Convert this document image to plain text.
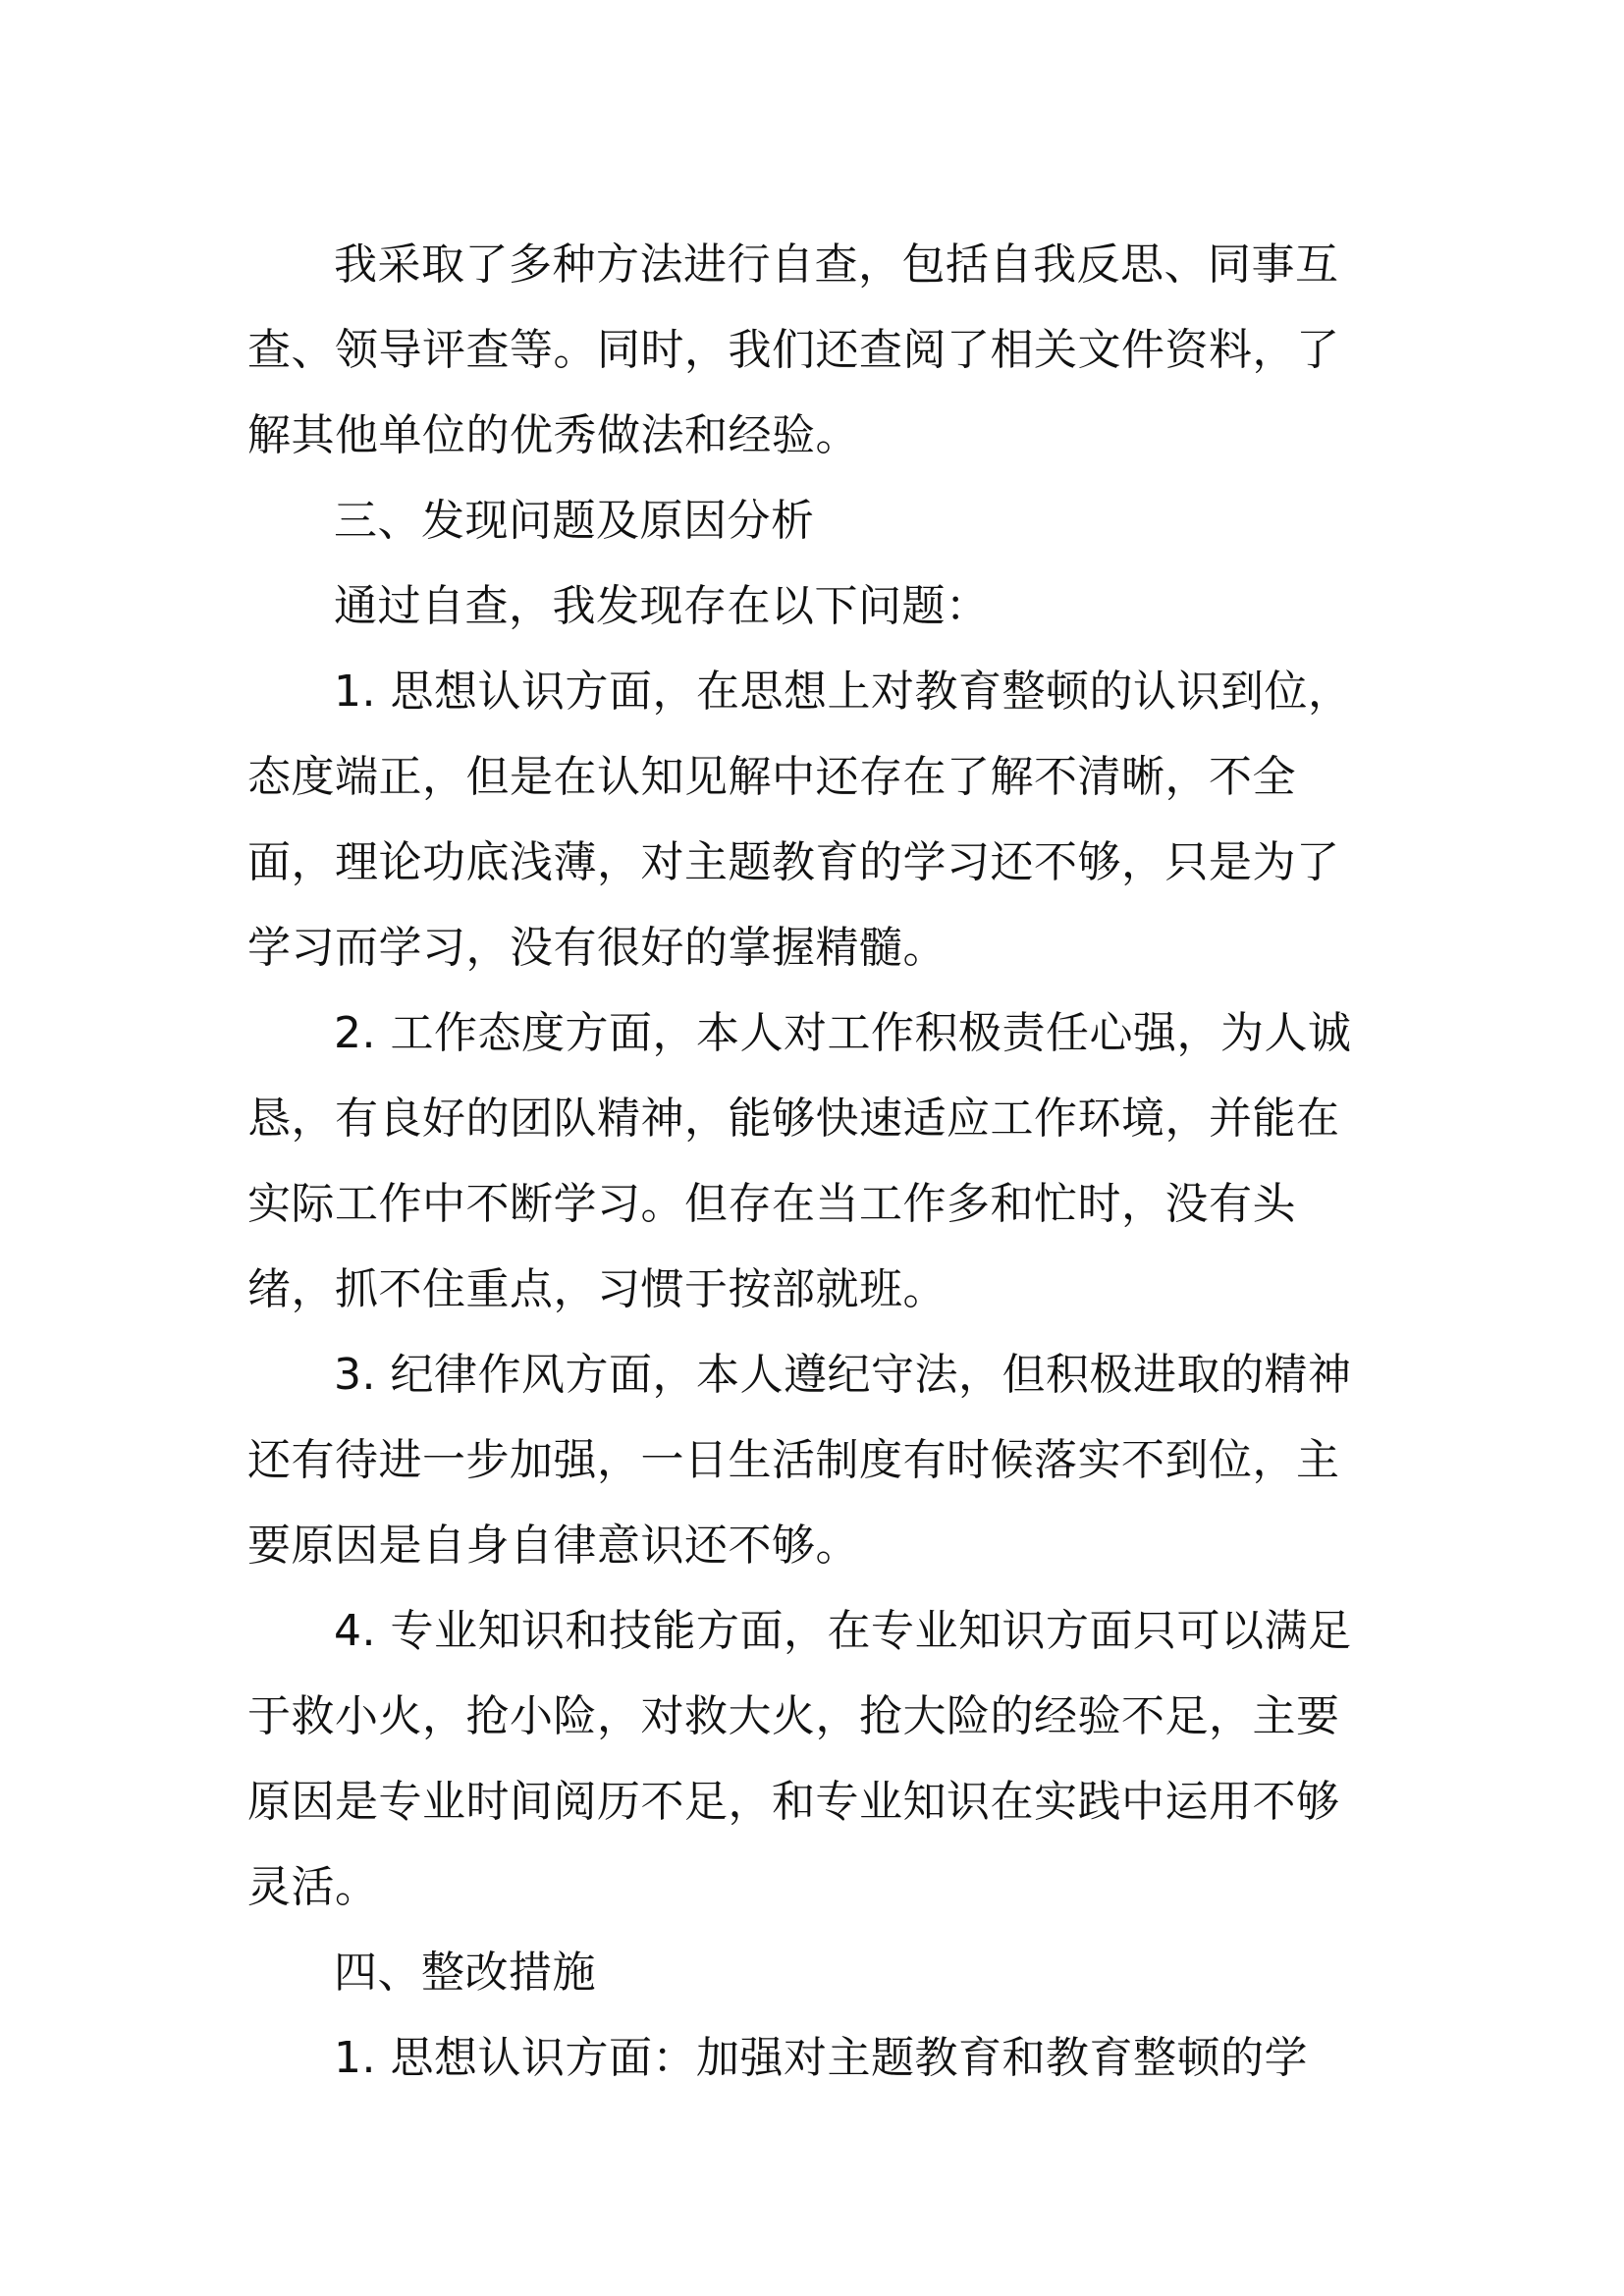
我采取了多种方法进行自查，包括自我反思、同事互
查、领导评查等。同时，我们还查阅了相关文件资料，了
解其他单位的优秀做法和经验。
三、发现问题及原因分析
通过自查，我发现存在以下问题：
1. 思想认识方面，在思想上对教育整顿的认识到位，
态度端正，但是在认知见解中还存在了解不清晰，不全
面，理论功底浅薄，对主题教育的学习还不够，只是为了
学习而学习，没有很好的掌握精髓。
2. 工作态度方面，本人对工作积极责任心强，为人诚
恳，有良好的团队精神，能够快速适应工作环境，并能在
实际工作中不断学习。但存在当工作多和忙时，没有头
绪，抓不住重点，习惯于按部就班。
3. 纪律作风方面，本人遵纪守法，但积极进取的精神
还有待进一步加强，一日生活制度有时候落实不到位，主
要原因是自身自律意识还不够。
4. 专业知识和技能方面，在专业知识方面只可以满足
于救小火，抢小险，对救大火，抢大险的经验不足，主要
原因是专业时间阅历不足，和专业知识在实践中运用不够
灵活。
四、整改措施
1. 思想认识方面：加强对主题教育和教育整顿的学
